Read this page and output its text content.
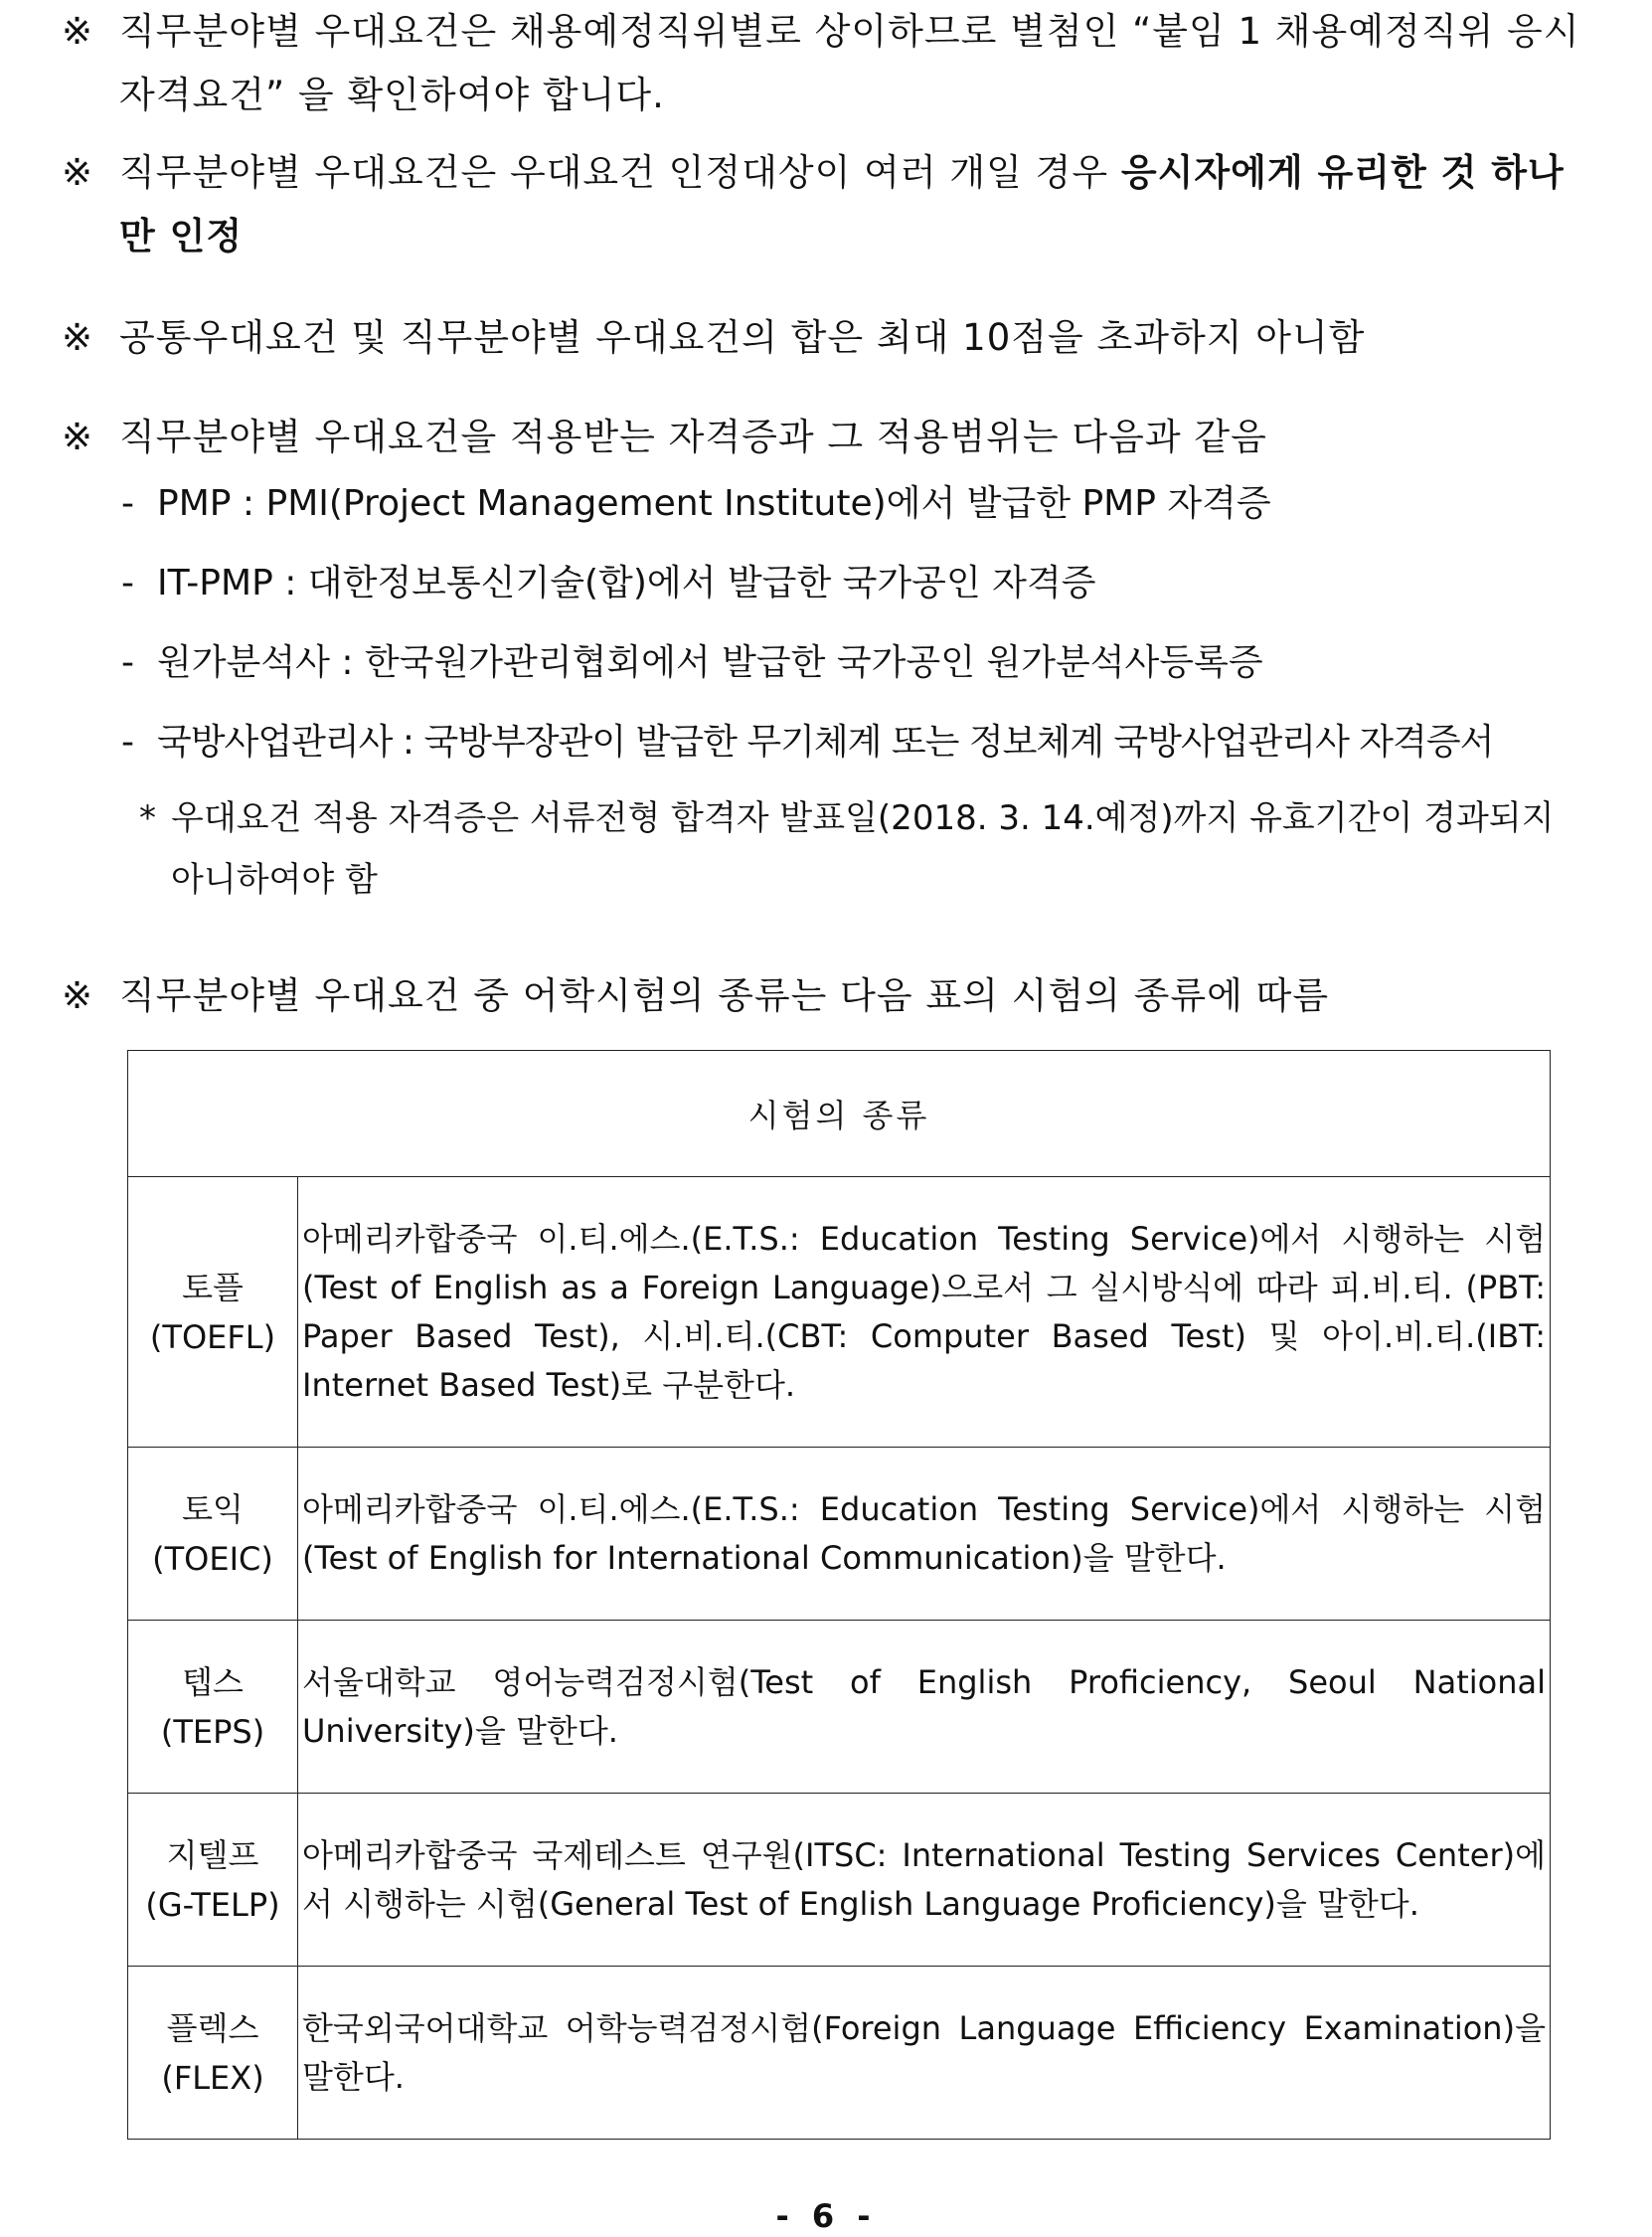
※ 직무분야별 우대요건은 채용예정직위별로 상이하므로 별첨인 “붙임 1 채용예정직위 응시자격요건” 을 확인하여야 합니다.
※ 직무분야별 우대요건은 우대요건 인정대상이 여러 개일 경우 응시자에게 유리한 것 하나만 인정
※ 공통우대요건 및 직무분야별 우대요건의 합은 최대 10점을 초과하지 아니함
※ 직무분야별 우대요건을 적용받는 자격증과 그 적용범위는 다음과 같음
- PMP : PMI(Project Management Institute)에서 발급한 PMP 자격증
- IT-PMP : 대한정보통신기술(합)에서 발급한 국가공인 자격증
- 원가분석사 : 한국원가관리협회에서 발급한 국가공인 원가분석사등록증
- 국방사업관리사 : 국방부장관이 발급한 무기체계 또는 정보체계 국방사업관리사 자격증서
* 우대요건 적용 자격증은 서류전형 합격자 발표일(2018. 3. 14.예정)까지 유효기간이 경과되지 아니하여야 함
※ 직무분야별 우대요건 중 어학시험의 종류는 다음 표의 시험의 종류에 따름
시험의 종류	

토플
(TOEFL)	아메리카합중국 이.티.에스.(E.T.S.: Education Testing Service)에서 시행하는 시험(Test of English as a Foreign Language)으로서 그 실시방식에 따라 피.비.티. (PBT: Paper Based Test), 시.비.티.(CBT: Computer Based Test) 및 아이.비.티.(IBT: Internet Based Test)로 구분한다.

토익
(TOEIC)	아메리카합중국 이.티.에스.(E.T.S.: Education Testing Service)에서 시행하는 시험(Test of English for International Communication)을 말한다.

텝스
(TEPS)	서울대학교 영어능력검정시험(Test of English Proficiency, Seoul National University)을 말한다.

지텔프
(G-TELP)	아메리카합중국 국제테스트 연구원(ITSC: International Testing Services Center)에서 시행하는 시험(General Test of English Language Proficiency)을 말한다.

플렉스
(FLEX)	한국외국어대학교 어학능력검정시험(Foreign Language Efficiency Examination)을 말한다.
- 6 -
